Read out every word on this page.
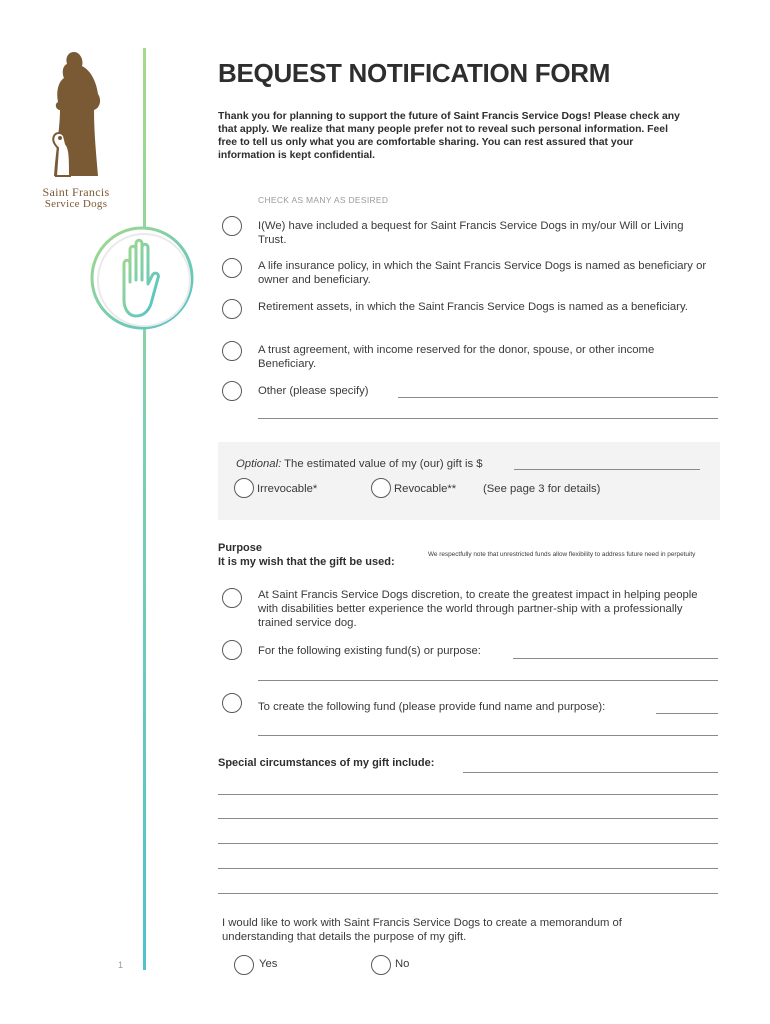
Saint Francis
Service Dogs
1
BEQUEST NOTIFICATION FORM
Thank you for planning to support the future of Saint Francis Service Dogs! Please check any that apply. We realize that many people prefer not to reveal such personal information. Feel free to tell us only what you are comfortable sharing. You can rest assured that your information is kept confidential.
CHECK AS MANY AS DESIRED
I(We) have included a bequest for Saint Francis Service Dogs in my/our Will or Living Trust.
A life insurance policy, in which the Saint Francis Service Dogs is named as beneficiary or owner and beneficiary.
Retirement assets, in which the Saint Francis Service Dogs is named as a beneficiary.
A trust agreement, with income reserved for the donor, spouse, or other income Beneficiary.
Other (please specify)
Optional: The estimated value of my (our) gift is $
Irrevocable*	Revocable** (See page 3 for details)
Purpose
It is my wish that the gift be used:
We respectfully note that unrestricted funds allow flexibility to address future need in perpetuity
At Saint Francis Service Dogs discretion, to create the greatest impact in helping people with disabilities better experience the world through partner-ship with a professionally trained service dog.
For the following existing fund(s) or purpose:
To create the following fund (please provide fund name and purpose):
Special circumstances of my gift include:
I would like to work with Saint Francis Service Dogs to create a memorandum of understanding that details the purpose of my gift.
Yes	No
